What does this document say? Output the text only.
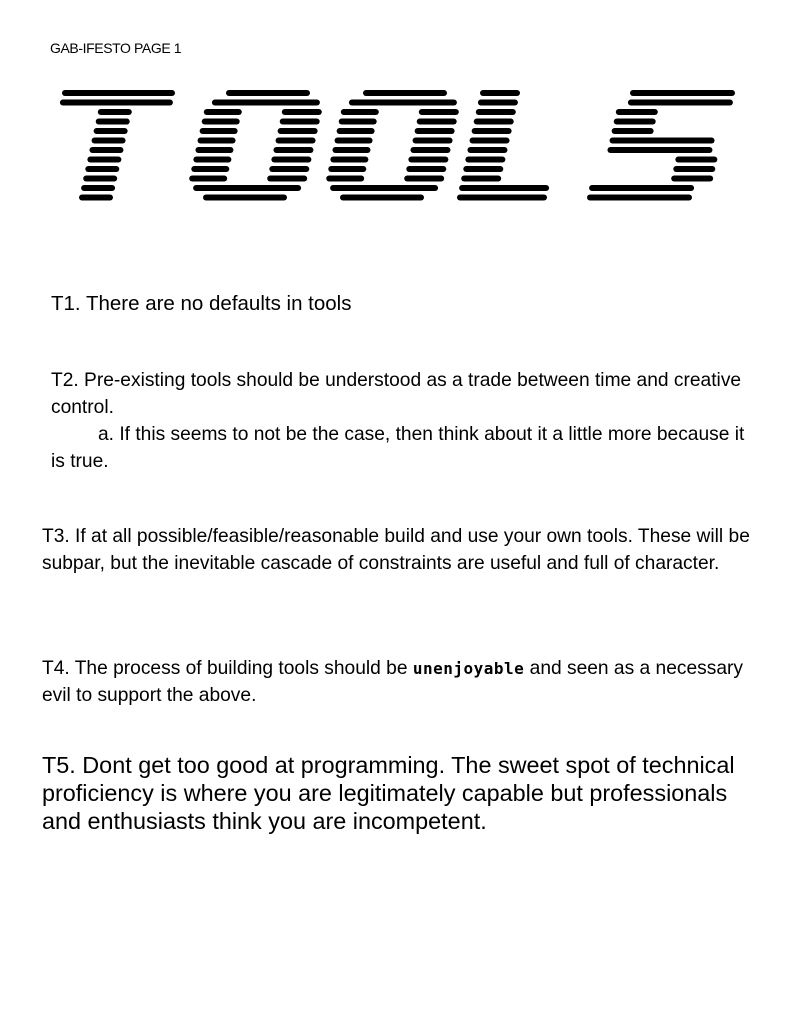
GAB-IFESTO PAGE 1

T1. There are no defaults in tools

T2. Pre-existing tools should be understood as a trade between time and creative control.
a. If this seems to not be the case, then think about it a little more because it is true.

T3. If at all possible/feasible/reasonable build and use your own tools. These will be subpar, but the inevitable cascade of constraints are useful and full of character.

T4. The process of building tools should be unenjoyable and seen as a necessary evil to support the above.

T5. Dont get too good at programming. The sweet spot of technical proficiency is where you are legitimately capable but professionals and enthusiasts think you are incompetent.
